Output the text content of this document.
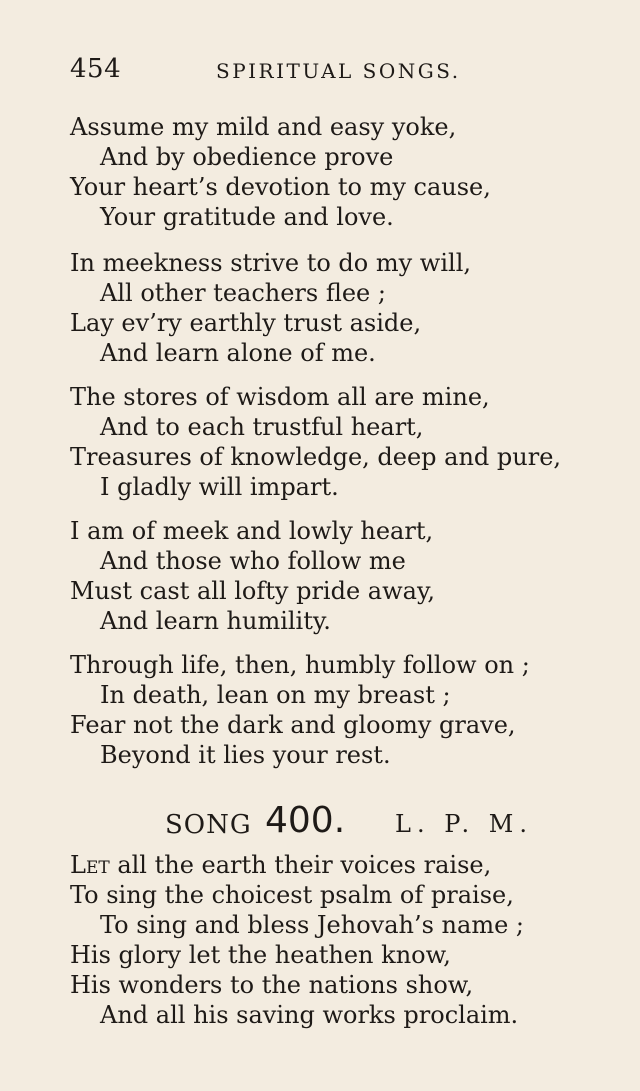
454	SPIRITUAL SONGS.
Assume my mild and easy yoke,
And by obedience prove
Your heart’s devotion to my cause,
Your gratitude and love.
In meekness strive to do my will,
All other teachers flee ;
Lay ev’ry earthly trust aside,
And learn alone of me.
The stores of wisdom all are mine,
And to each trustful heart,
Treasures of knowledge, deep and pure,
I gladly will impart.
I am of meek and lowly heart,
And those who follow me
Must cast all lofty pride away,
And learn humility.
Through life, then, humbly follow on ;
In death, lean on my breast ;
Fear not the dark and gloomy grave,
Beyond it lies your rest.
SONG 400. L. P. M.
Let all the earth their voices raise,
To sing the choicest psalm of praise,
To sing and bless Jehovah’s name ;
His glory let the heathen know,
His wonders to the nations show,
And all his saving works proclaim.
